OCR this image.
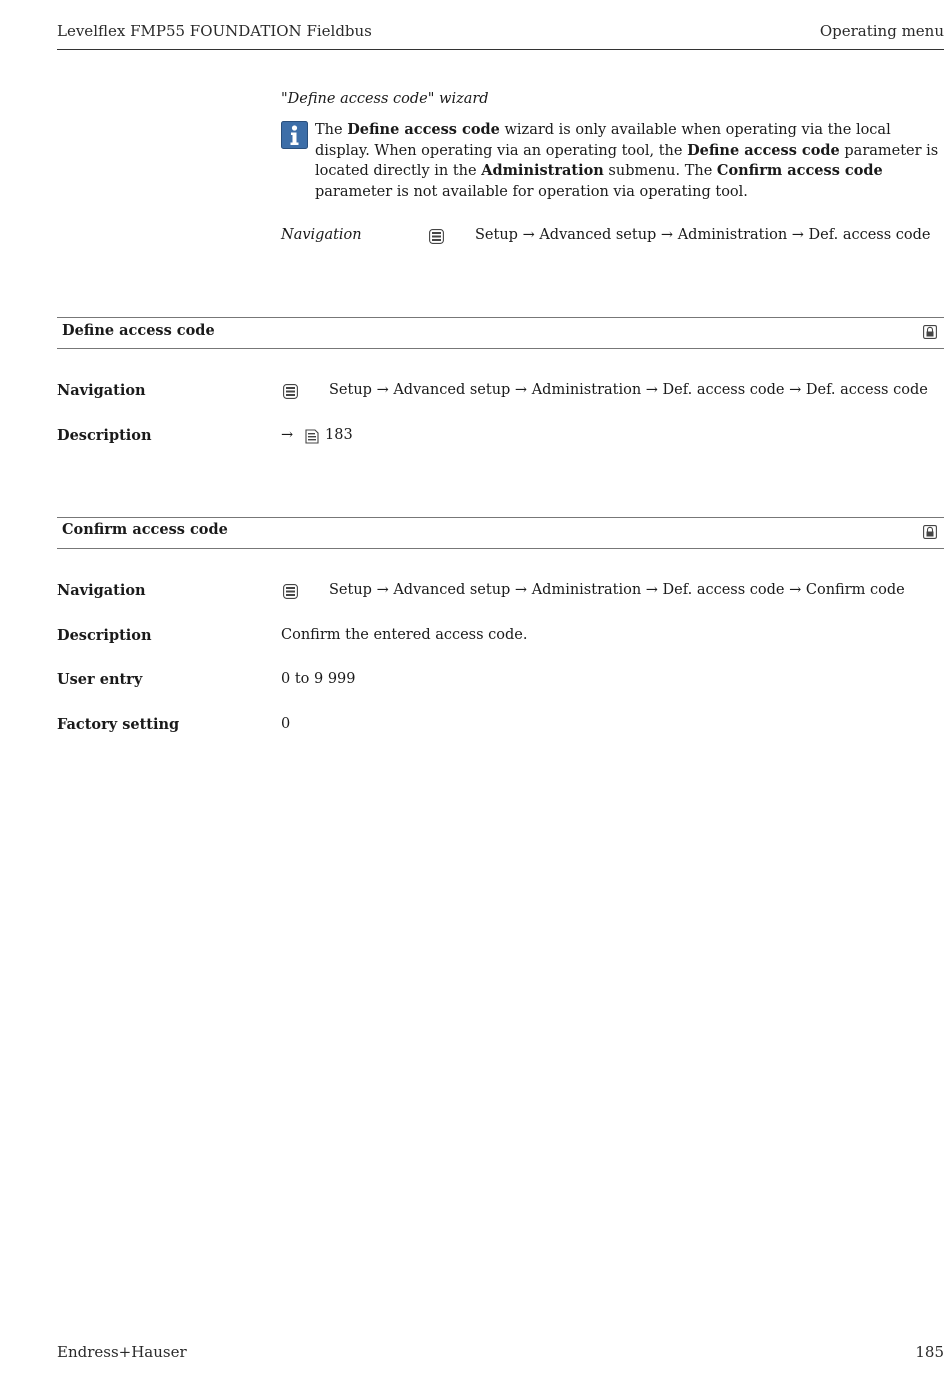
Levelflex FMP55 FOUNDATION Fieldbus	Operating menu
"Define access code" wizard
The Define access code wizard is only available when operating via the local display. When operating via an operating tool, the Define access code parameter is located directly in the Administration submenu. The Confirm access code parameter is not available for operation via operating tool.
Navigation	Setup → Advanced setup → Administration → Def. access code
Define access code
Navigation	Setup → Advanced setup → Administration → Def. access code → Def. access code
Description	→ 183
Confirm access code
Navigation	Setup → Advanced setup → Administration → Def. access code → Confirm code
Description	Confirm the entered access code.
User entry	0 to 9 999
Factory setting	0
Endress+Hauser	185
